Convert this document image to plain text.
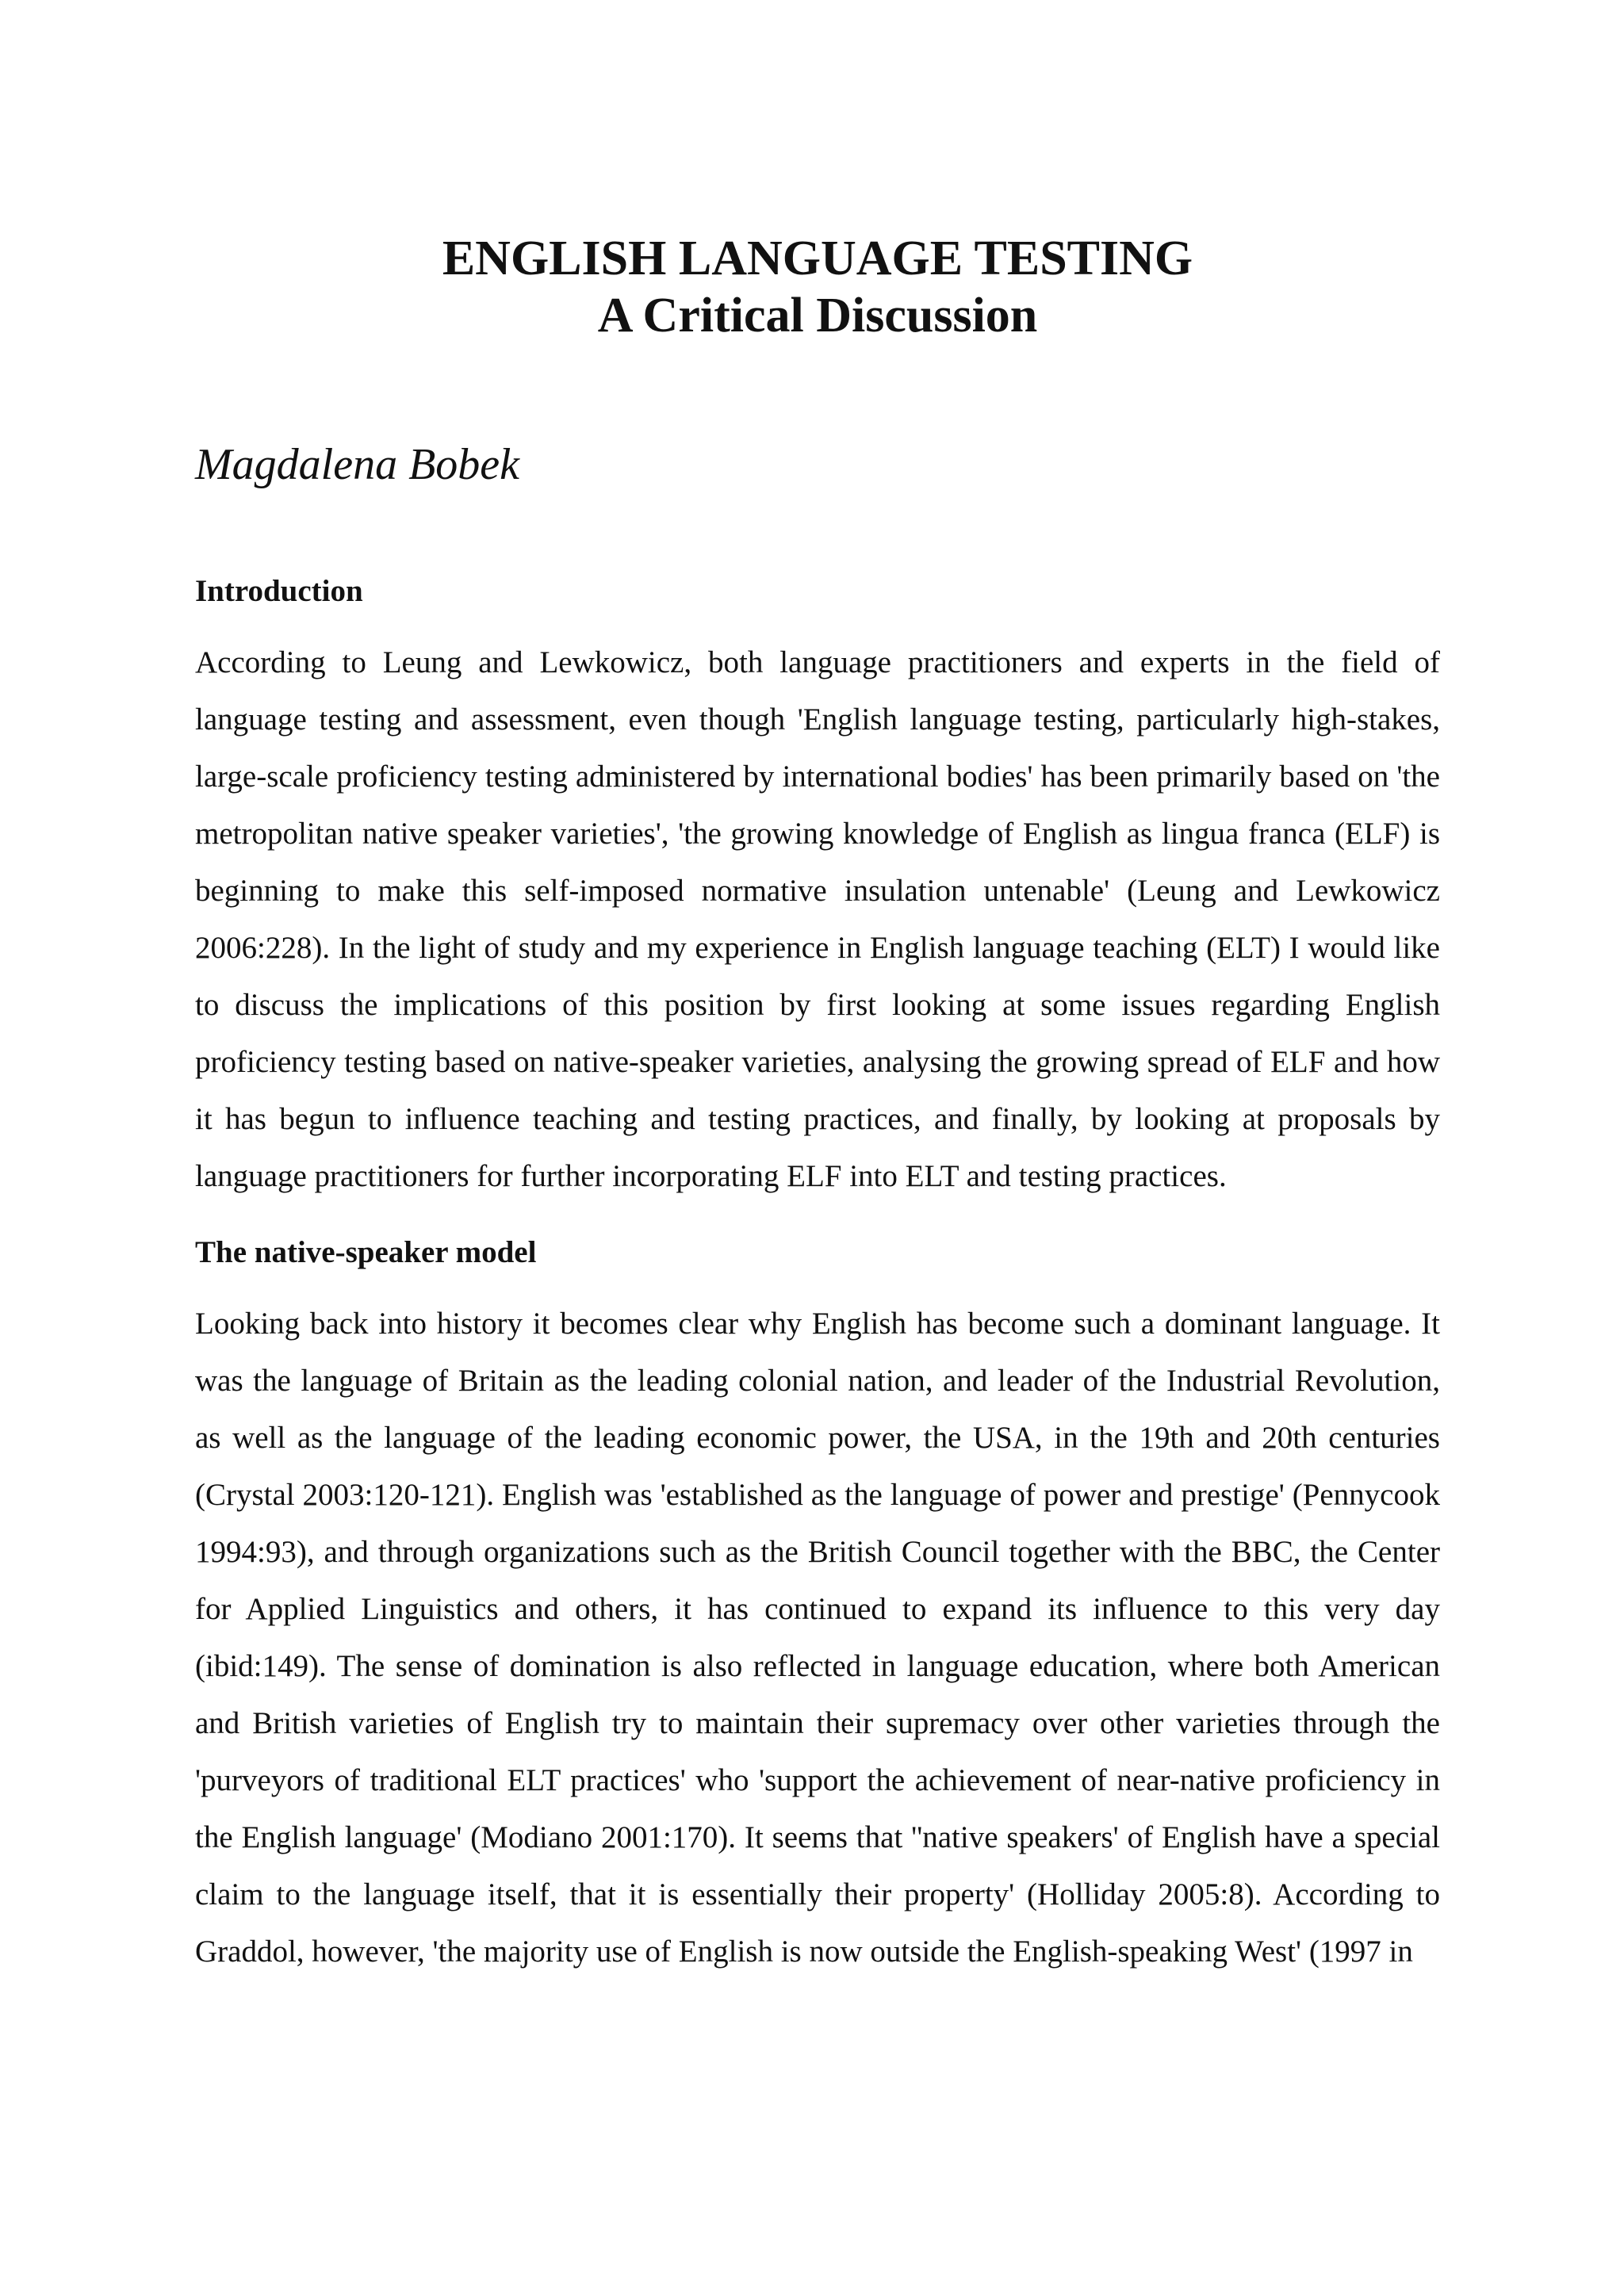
ENGLISH LANGUAGE TESTING
A Critical Discussion

Magdalena Bobek

Introduction

According to Leung and Lewkowicz, both language practitioners and experts in the field of language testing and assessment, even though 'English language testing, particularly high-stakes, large-scale proficiency testing administered by international bodies' has been primarily based on 'the metropolitan native speaker varieties', 'the growing knowledge of English as lingua franca (ELF) is beginning to make this self-imposed normative insulation untenable' (Leung and Lewkowicz 2006:228). In the light of study and my experience in English language teaching (ELT) I would like to discuss the implications of this position by first looking at some issues regarding English proficiency testing based on native-speaker varieties, analysing the growing spread of ELF and how it has begun to influence teaching and testing practices, and finally, by looking at proposals by language practitioners for further incorporating ELF into ELT and testing practices.

The native-speaker model

Looking back into history it becomes clear why English has become such a dominant language. It was the language of Britain as the leading colonial nation, and leader of the Industrial Revolution, as well as the language of the leading economic power, the USA, in the 19th and 20th centuries (Crystal 2003:120-121). English was 'established as the language of power and prestige' (Pennycook 1994:93), and through organizations such as the British Council together with the BBC, the Center for Applied Linguistics and others, it has continued to expand its influence to this very day (ibid:149). The sense of domination is also reflected in language education, where both American and British varieties of English try to maintain their supremacy over other varieties through the 'purveyors of traditional ELT practices' who 'support the achievement of near-native proficiency in the English language' (Modiano 2001:170). It seems that ''native speakers' of English have a special claim to the language itself, that it is essentially their property' (Holliday 2005:8). According to Graddol, however, 'the majority use of English is now outside the English-speaking West' (1997 in
